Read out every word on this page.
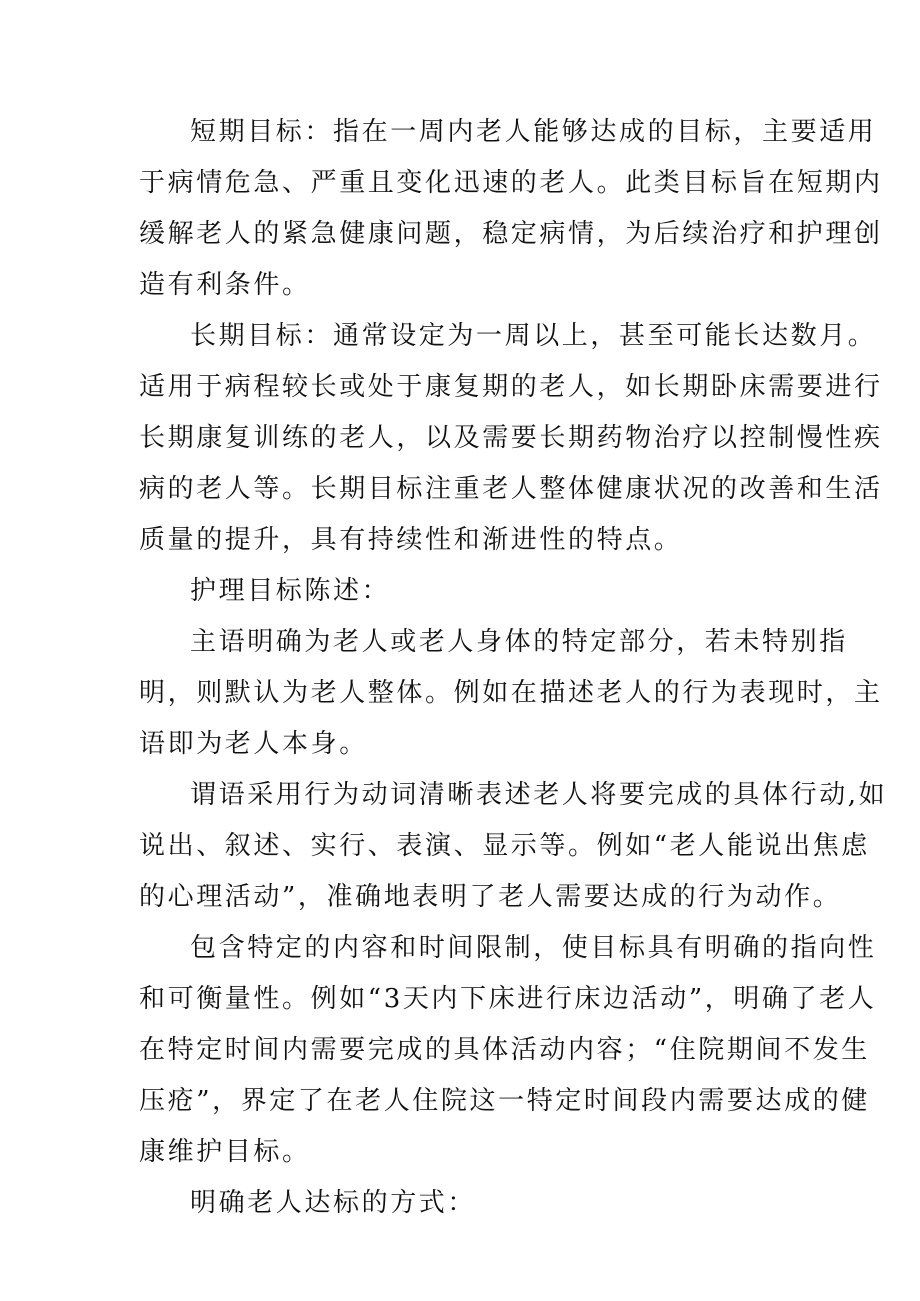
短期目标：指在一周内老人能够达成的目标，主要适用
于病情危急、严重且变化迅速的老人。此类目标旨在短期内
缓解老人的紧急健康问题，稳定病情，为后续治疗和护理创
造有利条件。
长期目标：通常设定为一周以上，甚至可能长达数月。
适用于病程较长或处于康复期的老人，如长期卧床需要进行
长期康复训练的老人，以及需要长期药物治疗以控制慢性疾
病的老人等。长期目标注重老人整体健康状况的改善和生活
质量的提升，具有持续性和渐进性的特点。
护理目标陈述：
主语明确为老人或老人身体的特定部分，若未特别指
明，则默认为老人整体。例如在描述老人的行为表现时，主
语即为老人本身。
谓语采用行为动词清晰表述老人将要完成的具体行动,如
说出、叙述、实行、表演、显示等。例如“老人能说出焦虑
的心理活动”，准确地表明了老人需要达成的行为动作。
包含特定的内容和时间限制，使目标具有明确的指向性
和可衡量性。例如“3天内下床进行床边活动”，明确了老人
在特定时间内需要完成的具体活动内容；“住院期间不发生
压疮”，界定了在老人住院这一特定时间段内需要达成的健
康维护目标。
明确老人达标的方式：
